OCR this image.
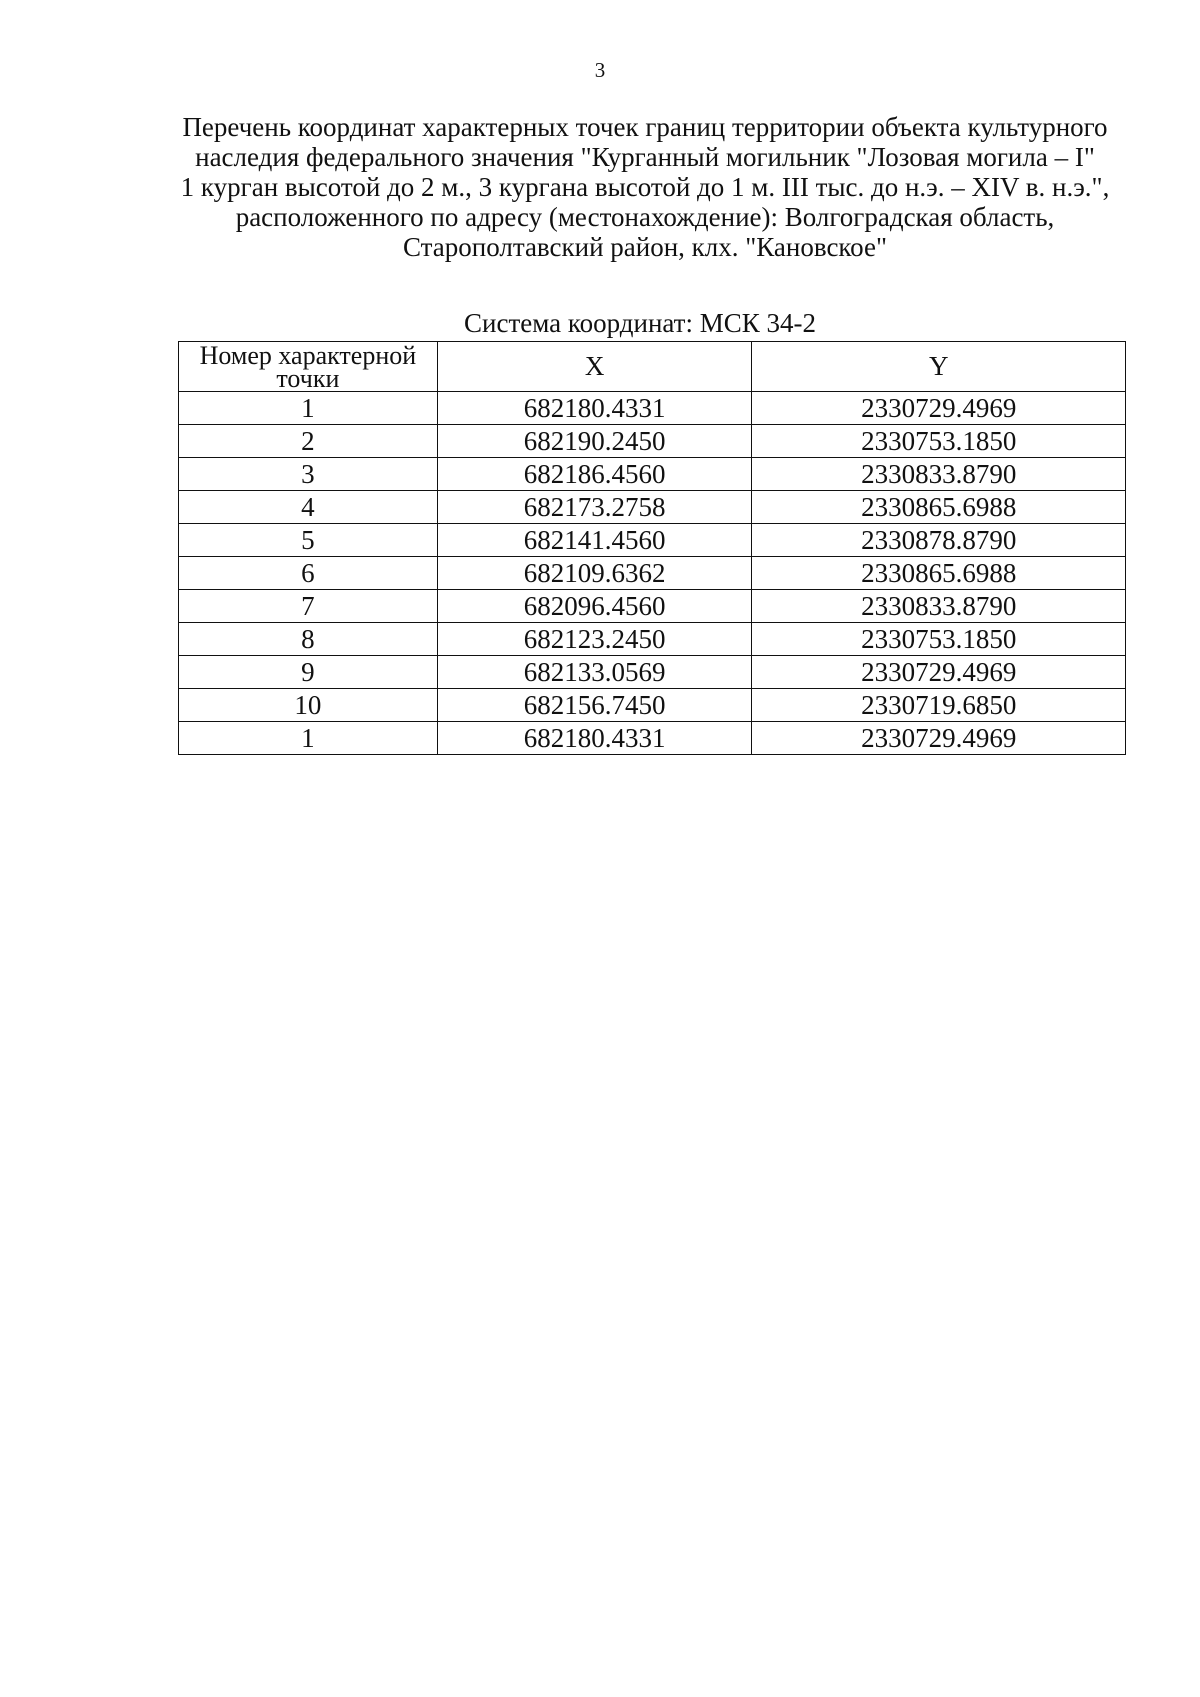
3
Перечень координат характерных точек границ территории объекта культурного
наследия федерального значения "Курганный могильник "Лозовая могила – I"
1 курган высотой до 2 м., 3 кургана высотой до 1 м. III тыс. до н.э. – XIV в. н.э.",
расположенного по адресу (местонахождение): Волгоградская область,
Старополтавский район, клх. "Кановское"
Система координат: МСК 34-2
Номер характерной
точки	X	Y
1	682180.4331	2330729.4969
2	682190.2450	2330753.1850
3	682186.4560	2330833.8790
4	682173.2758	2330865.6988
5	682141.4560	2330878.8790
6	682109.6362	2330865.6988
7	682096.4560	2330833.8790
8	682123.2450	2330753.1850
9	682133.0569	2330729.4969
10	682156.7450	2330719.6850
1	682180.4331	2330729.4969
